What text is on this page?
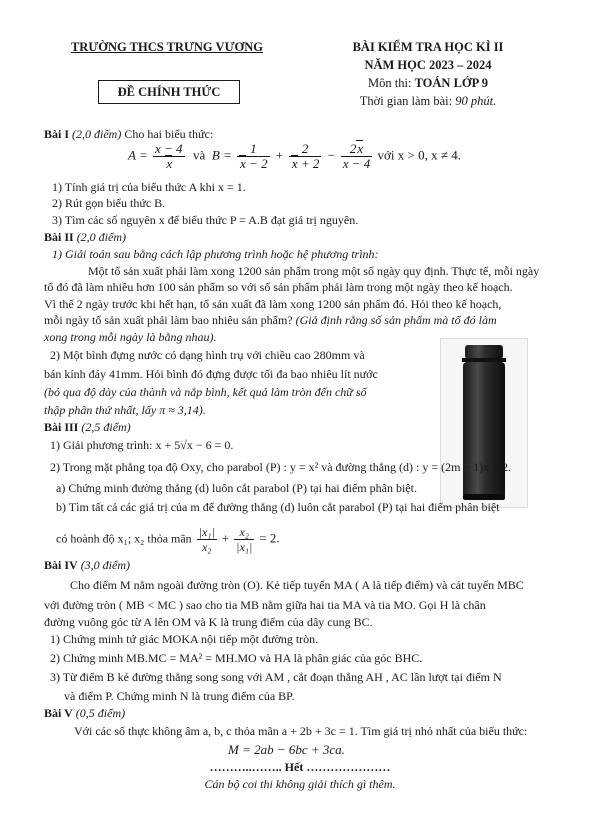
TRƯỜNG THCS TRƯNG VƯƠNG
ĐỀ CHÍNH THỨC
BÀI KIỂM TRA HỌC KÌ II
NĂM HỌC 2023 – 2024
Môn thi: TOÁN LỚP 9
Thời gian làm bài: 90 phút.
Bài I (2,0 điểm) Cho hai biểu thức:
$A = \frac{x - 4}{x}$ và  $B = \frac{1}{x - 2} + \frac{2}{x + 2} - \frac{2x}{x - 4}$ với x > 0, x ≠ 4.
1) Tính giá trị của biểu thức A khi x = 1.
2) Rút gọn biểu thức B.
3) Tìm các số nguyên x để biểu thức P = A.B đạt giá trị nguyên.
Bài II (2,0 điểm)
1) Giải toán sau bằng cách lập phương trình hoặc hệ phương trình:
Một tổ sản xuất phải làm xong 1200 sản phẩm trong một số ngày quy định. Thực tế, mỗi ngày
tổ đó đã làm nhiều hơn 100 sản phẩm so với số sản phẩm phải làm trong một ngày theo kế hoạch.
Vì thế 2 ngày trước khi hết hạn, tổ sản xuất đã làm xong 1200 sản phẩm đó. Hỏi theo kế hoạch,
mỗi ngày tổ sản xuất phải làm bao nhiêu sản phẩm? (Giả định rằng số sản phẩm mà tổ đó làm
xong trong mỗi ngày là bằng nhau).
2) Một bình đựng nước có dạng hình trụ với chiều cao 280mm và
bán kính đáy 41mm. Hỏi bình đó đựng được tối đa bao nhiêu lít nước
(bỏ qua độ dày của thành và nắp bình, kết quả làm tròn đến chữ số
thập phân thứ nhất, lấy π ≈ 3,14).
Bài III (2,5 điểm)
1) Giải phương trình: x + 5√x − 6 = 0.
2) Trong mặt phẳng tọa độ Oxy, cho parabol (P) : y = x² và đường thẳng (d) : y = (2m − 1)x + 2.
a) Chứng minh đường thẳng (d) luôn cắt parabol (P) tại hai điểm phân biệt.
b) Tìm tất cả các giá trị của m để đường thẳng (d) luôn cắt parabol (P) tại hai điểm phân biệt
có hoành độ x₁; x₂ thỏa mãn $\frac{\text{|x₁|}}{\text{x₂}} + \frac{\text{x₂}}{\text{|x₁|}} = 2$.
Bài IV (3,0 điểm)
Cho điểm M nằm ngoài đường tròn (O). Kẻ tiếp tuyến MA ( A là tiếp điểm) và cát tuyến MBC
với đường tròn ( MB < MC ) sao cho tia MB nằm giữa hai tia MA và tia MO. Gọi H là chân
đường vuông góc từ A lên OM và K là trung điểm của dây cung BC.
1) Chứng minh tứ giác MOKA nội tiếp một đường tròn.
2) Chứng minh MB.MC = MA² = MH.MO và HA là phân giác của góc BHC.
3) Từ điểm B kẻ đường thẳng song song với AM , cắt đoạn thẳng AH , AC lần lượt tại điểm N
và điểm P. Chứng minh N là trung điểm của BP.
Bài V (0,5 điểm)
Với các số thực không âm a, b, c thỏa mãn a + 2b + 3c = 1. Tìm giá trị nhỏ nhất của biểu thức:
M = 2ab − 6bc + 3ca.
………..…….. Hết …………………
Cán bộ coi thi không giải thích gì thêm.
